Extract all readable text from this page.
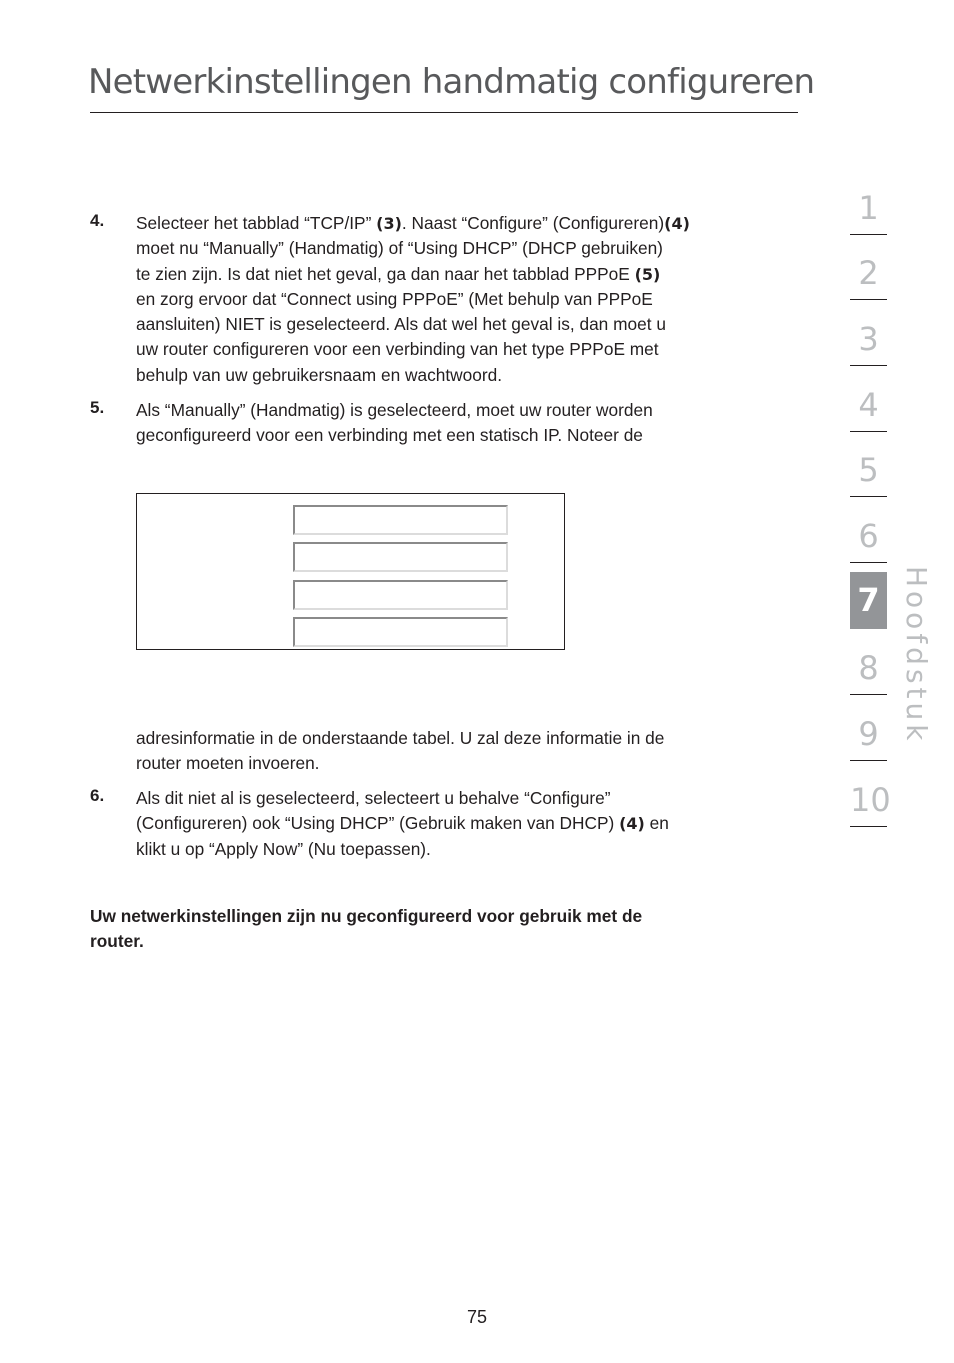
Netwerkinstellingen handmatig configureren
4. Selecteer het tabblad “TCP/IP” (3). Naast “Configure” (Configureren)(4)
moet nu “Manually” (Handmatig) of “Using DHCP” (DHCP gebruiken)
te zien zijn. Is dat niet het geval, ga dan naar het tabblad PPPoE (5)
en zorg ervoor dat “Connect using PPPoE” (Met behulp van PPPoE
aansluiten) NIET is geselecteerd. Als dat wel het geval is, dan moet u
uw router configureren voor een verbinding van het type PPPoE met
behulp van uw gebruikersnaam en wachtwoord.
5. Als “Manually” (Handmatig) is geselecteerd, moet uw router worden
geconfigureerd voor een verbinding met een statisch IP. Noteer de
adresinformatie in de onderstaande tabel. U zal deze informatie in de
router moeten invoeren.
6. Als dit niet al is geselecteerd, selecteert u behalve “Configure”
(Configureren) ook “Using DHCP” (Gebruik maken van DHCP) (4) en
klikt u op “Apply Now” (Nu toepassen).
Uw netwerkinstellingen zijn nu geconfigureerd voor gebruik met de
router.
75
1
2
3
4
5
6
7
8
9
10
Hoofdstuk
